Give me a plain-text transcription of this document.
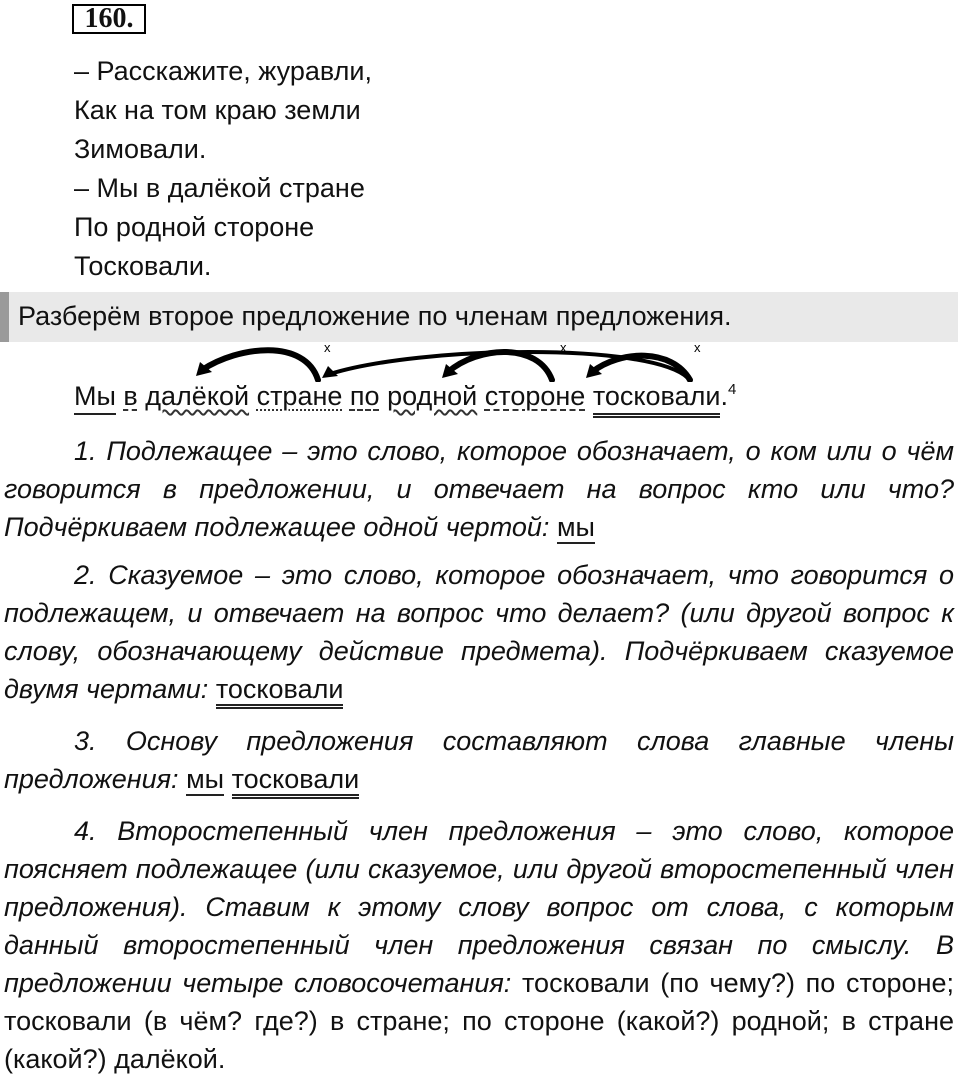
160.
– Расскажите, журавли,
Как на том краю земли
Зимовали.
– Мы в далёкой стране
По родной стороне
Тосковали.
Разберём второе предложение по членам предложения.
x	x	x
Мы в далёкой стране по родной стороне тосковали.$^4$
1. Подлежащее – это слово, которое обозначает, о ком или о чём говорится в предложении, и отвечает на вопрос кто или что? Подчёркиваем подлежащее одной чертой: мы
2. Сказуемое – это слово, которое обозначает, что говорится о подлежащем, и отвечает на вопрос что делает? (или другой вопрос к слову, обозначающему действие предмета). Подчёркиваем сказуемое двумя чертами: тосковали
3. Основу предложения составляют слова главные члены предложения: мы тосковали
4. Второстепенный член предложения – это слово, которое поясняет подлежащее (или сказуемое, или другой второстепенный член предложения). Ставим к этому слову вопрос от слова, с которым данный второстепенный член предложения связан по смыслу. В предложении четыре словосочетания: тосковали (по чему?) по стороне; тосковали (в чём? где?) в стране; по стороне (какой?) родной; в стране (какой?) далёкой.
